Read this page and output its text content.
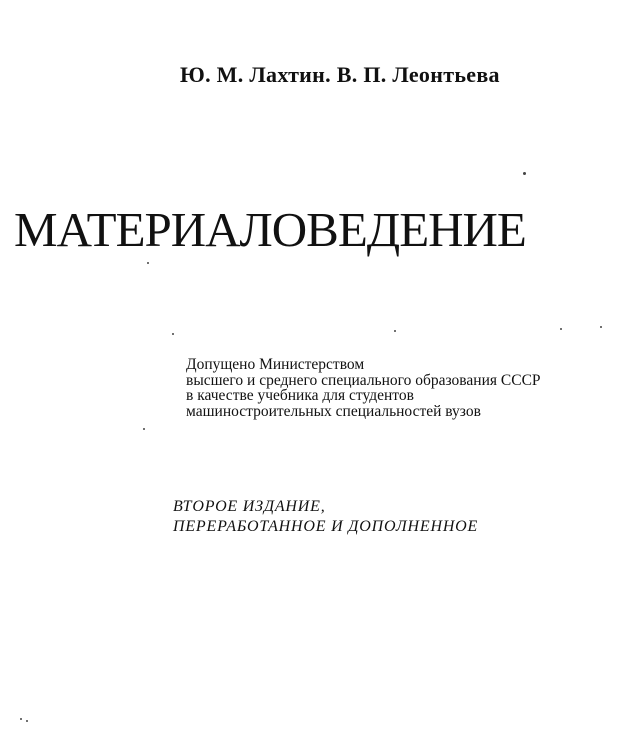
Ю. М. Лахтин. В. П. Леонтьева
МАТЕРИАЛОВЕДЕНИЕ
Допущено Министерством
высшего и среднего специального образования СССР
в качестве учебника для студентов
машиностроительных специальностей вузов
ВТОРОЕ ИЗДАНИЕ,
ПЕРЕРАБОТАННОЕ И ДОПОЛНЕННОЕ
